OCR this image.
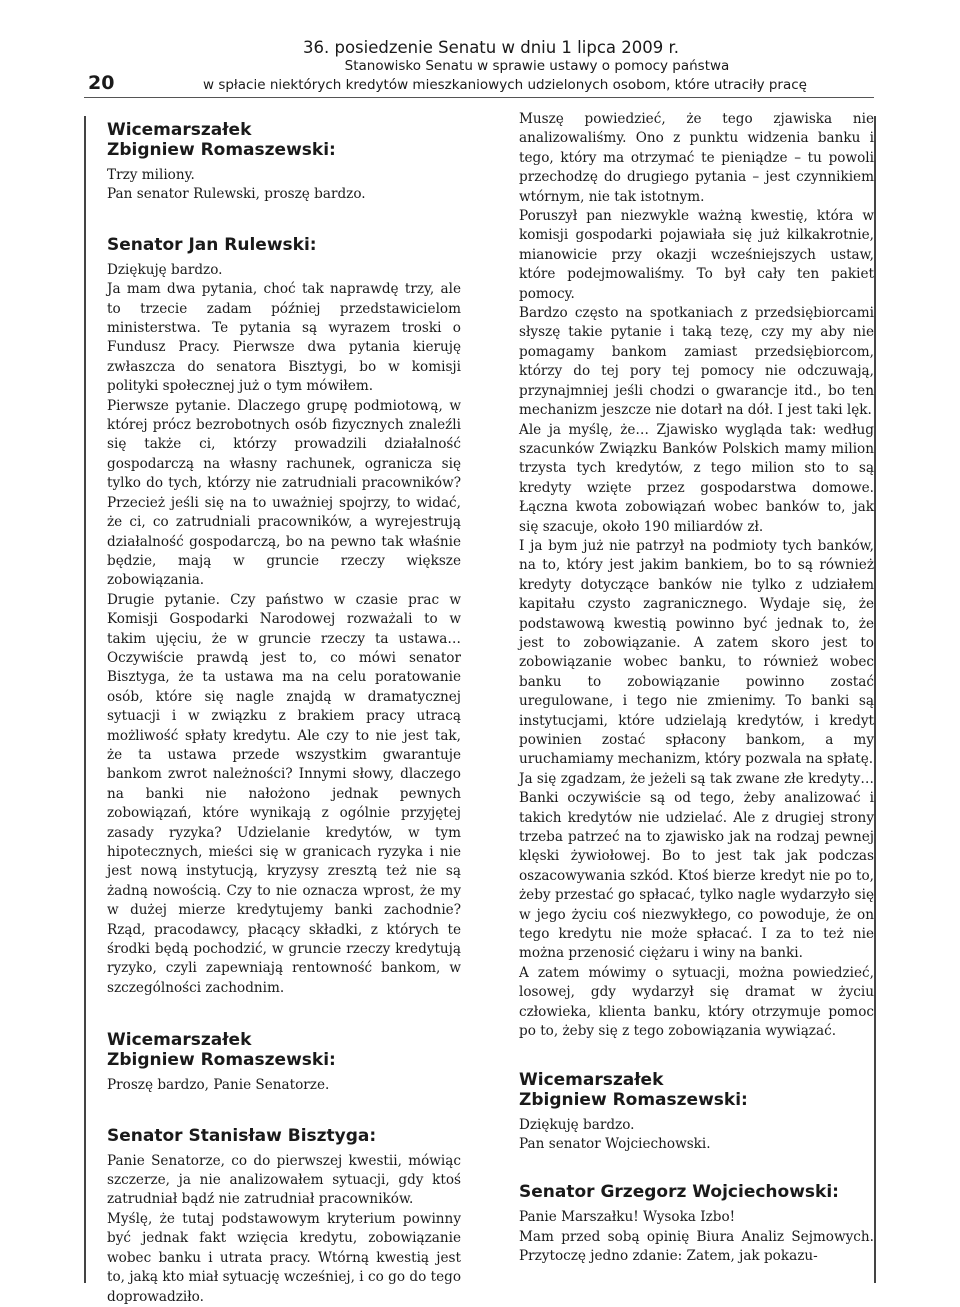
20
36. posiedzenie Senatu w dniu 1 lipca 2009 r.
Stanowisko Senatu w sprawie ustawy o pomocy państwa
w spłacie niektórych kredytów mieszkaniowych udzielonych osobom, które utraciły pracę

Wicemarszałek

Zbigniew Romaszewski:

Trzy miliony.

Pan senator Rulewski, proszę bardzo.

Senator Jan Rulewski:

Dziękuję bardzo.

Ja mam dwa pytania, choć tak naprawdę trzy, ale to trzecie zadam później przedstawicielom ministerstwa. Te pytania są wyrazem troski o Fundusz Pracy. Pierwsze dwa pytania kieruję zwłaszcza do senatora Bisztygi, bo w komisji polityki społecznej już o tym mówiłem.

Pierwsze pytanie. Dlaczego grupę podmiotową, w której prócz bezrobotnych osób fizycznych znaleźli się także ci, którzy prowadzili działalność gospodarczą na własny rachunek, ogranicza się tylko do tych, którzy nie zatrudniali pracowników? Przecież jeśli się na to uważniej spojrzy, to widać, że ci, co zatrudniali pracowników, a wyrejestrują działalność gospodarczą, bo na pewno tak właśnie będzie, mają w gruncie rzeczy większe zobowiązania.

Drugie pytanie. Czy państwo w czasie prac w Komisji Gospodarki Narodowej rozważali to w takim ujęciu, że w gruncie rzeczy ta ustawa… Oczywiście prawdą jest to, co mówi senator Bisztyga, że ta ustawa ma na celu poratowanie osób, które się nagle znajdą w dramatycznej sytuacji i w związku z brakiem pracy utracą możliwość spłaty kredytu. Ale czy to nie jest tak, że ta ustawa przede wszystkim gwarantuje bankom zwrot należności? Innymi słowy, dlaczego na banki nie nałożono jednak pewnych zobowiązań, które wynikają z ogólnie przyjętej zasady ryzyka? Udzielanie kredytów, w tym hipotecznych, mieści się w granicach ryzyka i nie jest nową instytucją, kryzysy zresztą też nie są żadną nowością. Czy to nie oznacza wprost, że my w dużej mierze kredytujemy banki zachodnie? Rząd, pracodawcy, płacący składki, z których te środki będą pochodzić, w gruncie rzeczy kredytują ryzyko, czyli zapewniają rentowność bankom, w szczególności zachodnim.

Wicemarszałek

Zbigniew Romaszewski:

Proszę bardzo, Panie Senatorze.

Senator Stanisław Bisztyga:

Panie Senatorze, co do pierwszej kwestii, mówiąc szczerze, ja nie analizowałem sytuacji, gdy ktoś zatrudniał bądź nie zatrudniał pracowników.

Myślę, że tutaj podstawowym kryterium powinny być jednak fakt wzięcia kredytu, zobowiązanie wobec banku i utrata pracy. Wtórną kwestią jest to, jaką kto miał sytuację wcześniej, i co go do tego doprowadziło.

Muszę powiedzieć, że tego zjawiska nie analizowaliśmy. Ono z punktu widzenia banku i tego, który ma otrzymać te pieniądze – tu powoli przechodzę do drugiego pytania – jest czynnikiem wtórnym, nie tak istotnym.

Poruszył pan niezwykle ważną kwestię, która w komisji gospodarki pojawiała się już kilkakrotnie, mianowicie przy okazji wcześniejszych ustaw, które podejmowaliśmy. To był cały ten pakiet pomocy.

Bardzo często na spotkaniach z przedsiębiorcami słyszę takie pytanie i taką tezę, czy my aby nie pomagamy bankom zamiast przedsiębiorcom, którzy do tej pory tej pomocy nie odczuwają, przynajmniej jeśli chodzi o gwarancje itd., bo ten mechanizm jeszcze nie dotarł na dół. I jest taki lęk.

Ale ja myślę, że… Zjawisko wygląda tak: według szacunków Związku Banków Polskich mamy milion trzysta tych kredytów, z tego milion sto to są kredyty wzięte przez gospodarstwa domowe. Łączna kwota zobowiązań wobec banków to, jak się szacuje, około 190 miliardów zł.

I ja bym już nie patrzył na podmioty tych banków, na to, który jest jakim bankiem, bo to są również kredyty dotyczące banków nie tylko z udziałem kapitału czysto zagranicznego. Wydaje się, że podstawową kwestią powinno być jednak to, że jest to zobowiązanie. A zatem skoro jest to zobowiązanie wobec banku, to również wobec banku to zobowiązanie powinno zostać uregulowane, i tego nie zmienimy. To banki są instytucjami, które udzielają kredytów, i kredyt powinien zostać spłacony bankom, a my uruchamiamy mechanizm, który pozwala na spłatę.

Ja się zgadzam, że jeżeli są tak zwane złe kredyty… Banki oczywiście są od tego, żeby analizować i takich kredytów nie udzielać. Ale z drugiej strony trzeba patrzeć na to zjawisko jak na rodzaj pewnej klęski żywiołowej. Bo to jest tak jak podczas oszacowywania szkód. Ktoś bierze kredyt nie po to, żeby przestać go spłacać, tylko nagle wydarzyło się w jego życiu coś niezwykłego, co powoduje, że on tego kredytu nie może spłacać. I za to też nie można przenosić ciężaru i winy na banki.

A zatem mówimy o sytuacji, można powiedzieć, losowej, gdy wydarzył się dramat w życiu człowieka, klienta banku, który otrzymuje pomoc po to, żeby się z tego zobowiązania wywiązać.

Wicemarszałek

Zbigniew Romaszewski:

Dziękuję bardzo.

Pan senator Wojciechowski.

Senator Grzegorz Wojciechowski:

Panie Marszałku! Wysoka Izbo!

Mam przed sobą opinię Biura Analiz Sejmowych. Przytoczę jedno zdanie: Zatem, jak pokazu-
